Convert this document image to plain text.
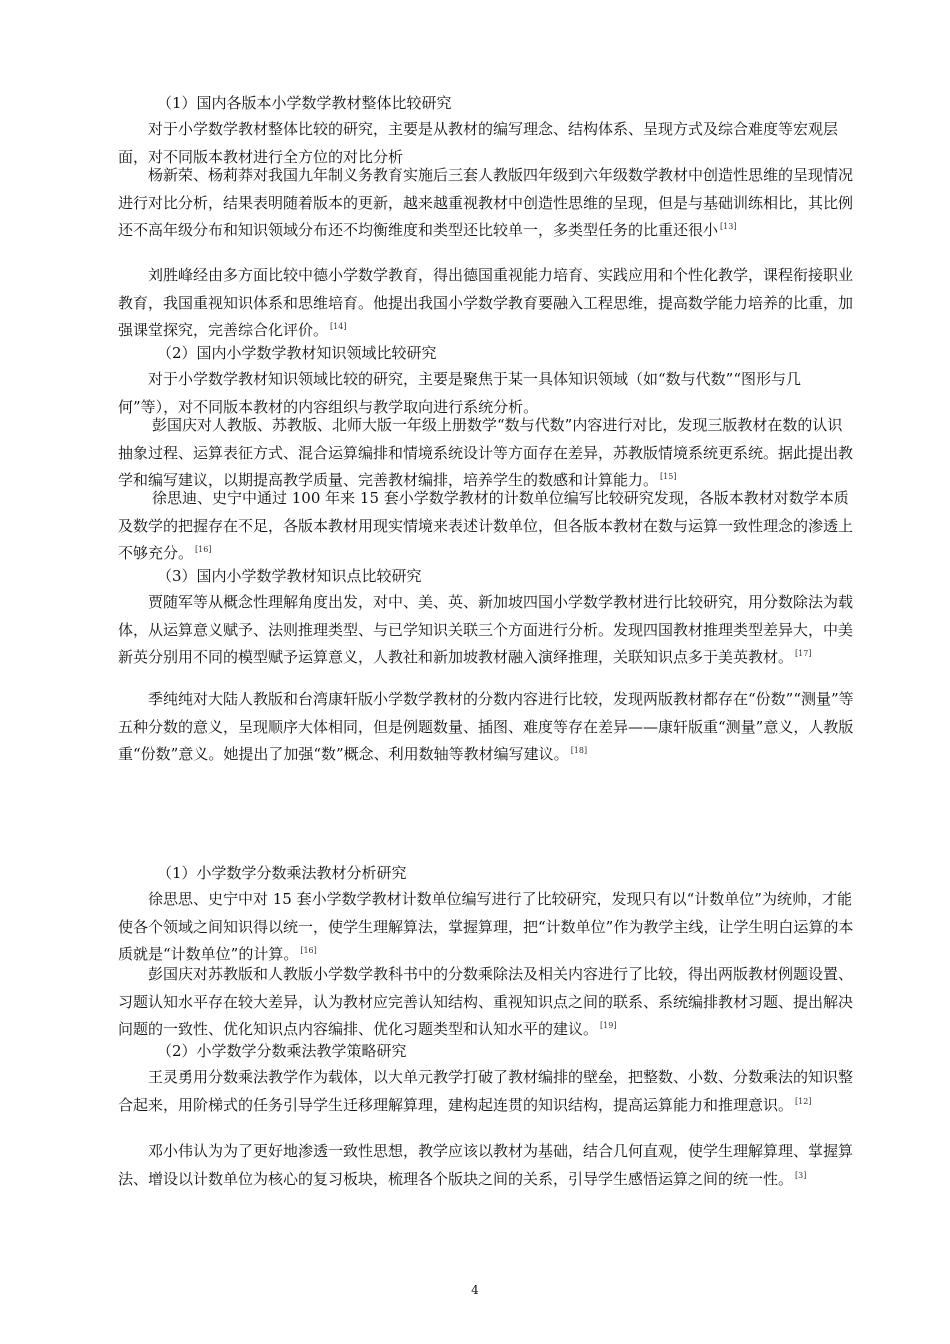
（1）国内各版本小学数学教材整体比较研究

对于小学数学教材整体比较的研究，主要是从教材的编写理念、结构体系、呈现方式及综合难度等宏观层面，对不同版本教材进行全方位的对比分析

杨新荣、杨莉莽对我国九年制义务教育实施后三套人教版四年级到六年级数学教材中创造性思维的呈现情况进行对比分析，结果表明随着版本的更新，越来越重视教材中创造性思维的呈现，但是与基础训练相比，其比例还不高年级分布和知识领域分布还不均衡维度和类型还比较单一，多类型任务的比重还很小 [13]

刘胜峰经由多方面比较中德小学数学教育，得出德国重视能力培育、实践应用和个性化教学，课程衔接职业教育，我国重视知识体系和思维培育。他提出我国小学数学教育要融入工程思维，提高数学能力培养的比重，加强课堂探究，完善综合化评价。 [14]

（2）国内小学数学教材知识领域比较研究

对于小学数学教材知识领域比较的研究，主要是聚焦于某一具体知识领域（如“数与代数”“图形与几何”等），对不同版本教材的内容组织与教学取向进行系统分析。

彭国庆对人教版、苏教版、北师大版一年级上册数学“数与代数”内容进行对比，发现三版教材在数的认识抽象过程、运算表征方式、混合运算编排和情境系统设计等方面存在差异，苏教版情境系统更系统。据此提出教学和编写建议，以期提高教学质量、完善教材编排，培养学生的数感和计算能力。 [15]

徐思迪、史宁中通过 100 年来 15 套小学数学教材的计数单位编写比较研究发现，各版本教材对数学本质及数学的把握存在不足，各版本教材用现实情境来表述计数单位，但各版本教材在数与运算一致性理念的渗透上不够充分。 [16]

（3）国内小学数学教材知识点比较研究

贾随军等从概念性理解角度出发，对中、美、英、新加坡四国小学数学教材进行比较研究，用分数除法为载体，从运算意义赋予、法则推理类型、与已学知识关联三个方面进行分析。发现四国教材推理类型差异大，中美新英分别用不同的模型赋予运算意义，人教社和新加坡教材融入演绎推理，关联知识点多于美英教材。 [17]

季纯纯对大陆人教版和台湾康轩版小学数学教材的分数内容进行比较，发现两版教材都存在“份数”“测量”等五种分数的意义，呈现顺序大体相同，但是例题数量、插图、难度等存在差异——康轩版重“测量”意义，人教版重“份数”意义。她提出了加强“数”概念、利用数轴等教材编写建议。 [18]

（1）小学数学分数乘法教材分析研究

徐思思、史宁中对 15 套小学数学教材计数单位编写进行了比较研究，发现只有以“计数单位”为统帅，才能使各个领域之间知识得以统一，使学生理解算法，掌握算理，把“计数单位”作为教学主线，让学生明白运算的本质就是“计数单位”的计算。 [16]

彭国庆对苏教版和人教版小学数学教科书中的分数乘除法及相关内容进行了比较，得出两版教材例题设置、习题认知水平存在较大差异，认为教材应完善认知结构、重视知识点之间的联系、系统编排教材习题、提出解决问题的一致性、优化知识点内容编排、优化习题类型和认知水平的建议。 [19]

（2）小学数学分数乘法教学策略研究

王灵勇用分数乘法教学作为载体，以大单元教学打破了教材编排的壁垒，把整数、小数、分数乘法的知识整合起来，用阶梯式的任务引导学生迁移理解算理，建构起连贯的知识结构，提高运算能力和推理意识。 [12]

邓小伟认为为了更好地渗透一致性思想，教学应该以教材为基础，结合几何直观，使学生理解算理、掌握算法、增设以计数单位为核心的复习板块，梳理各个版块之间的关系，引导学生感悟运算之间的统一性。 [3]

4
